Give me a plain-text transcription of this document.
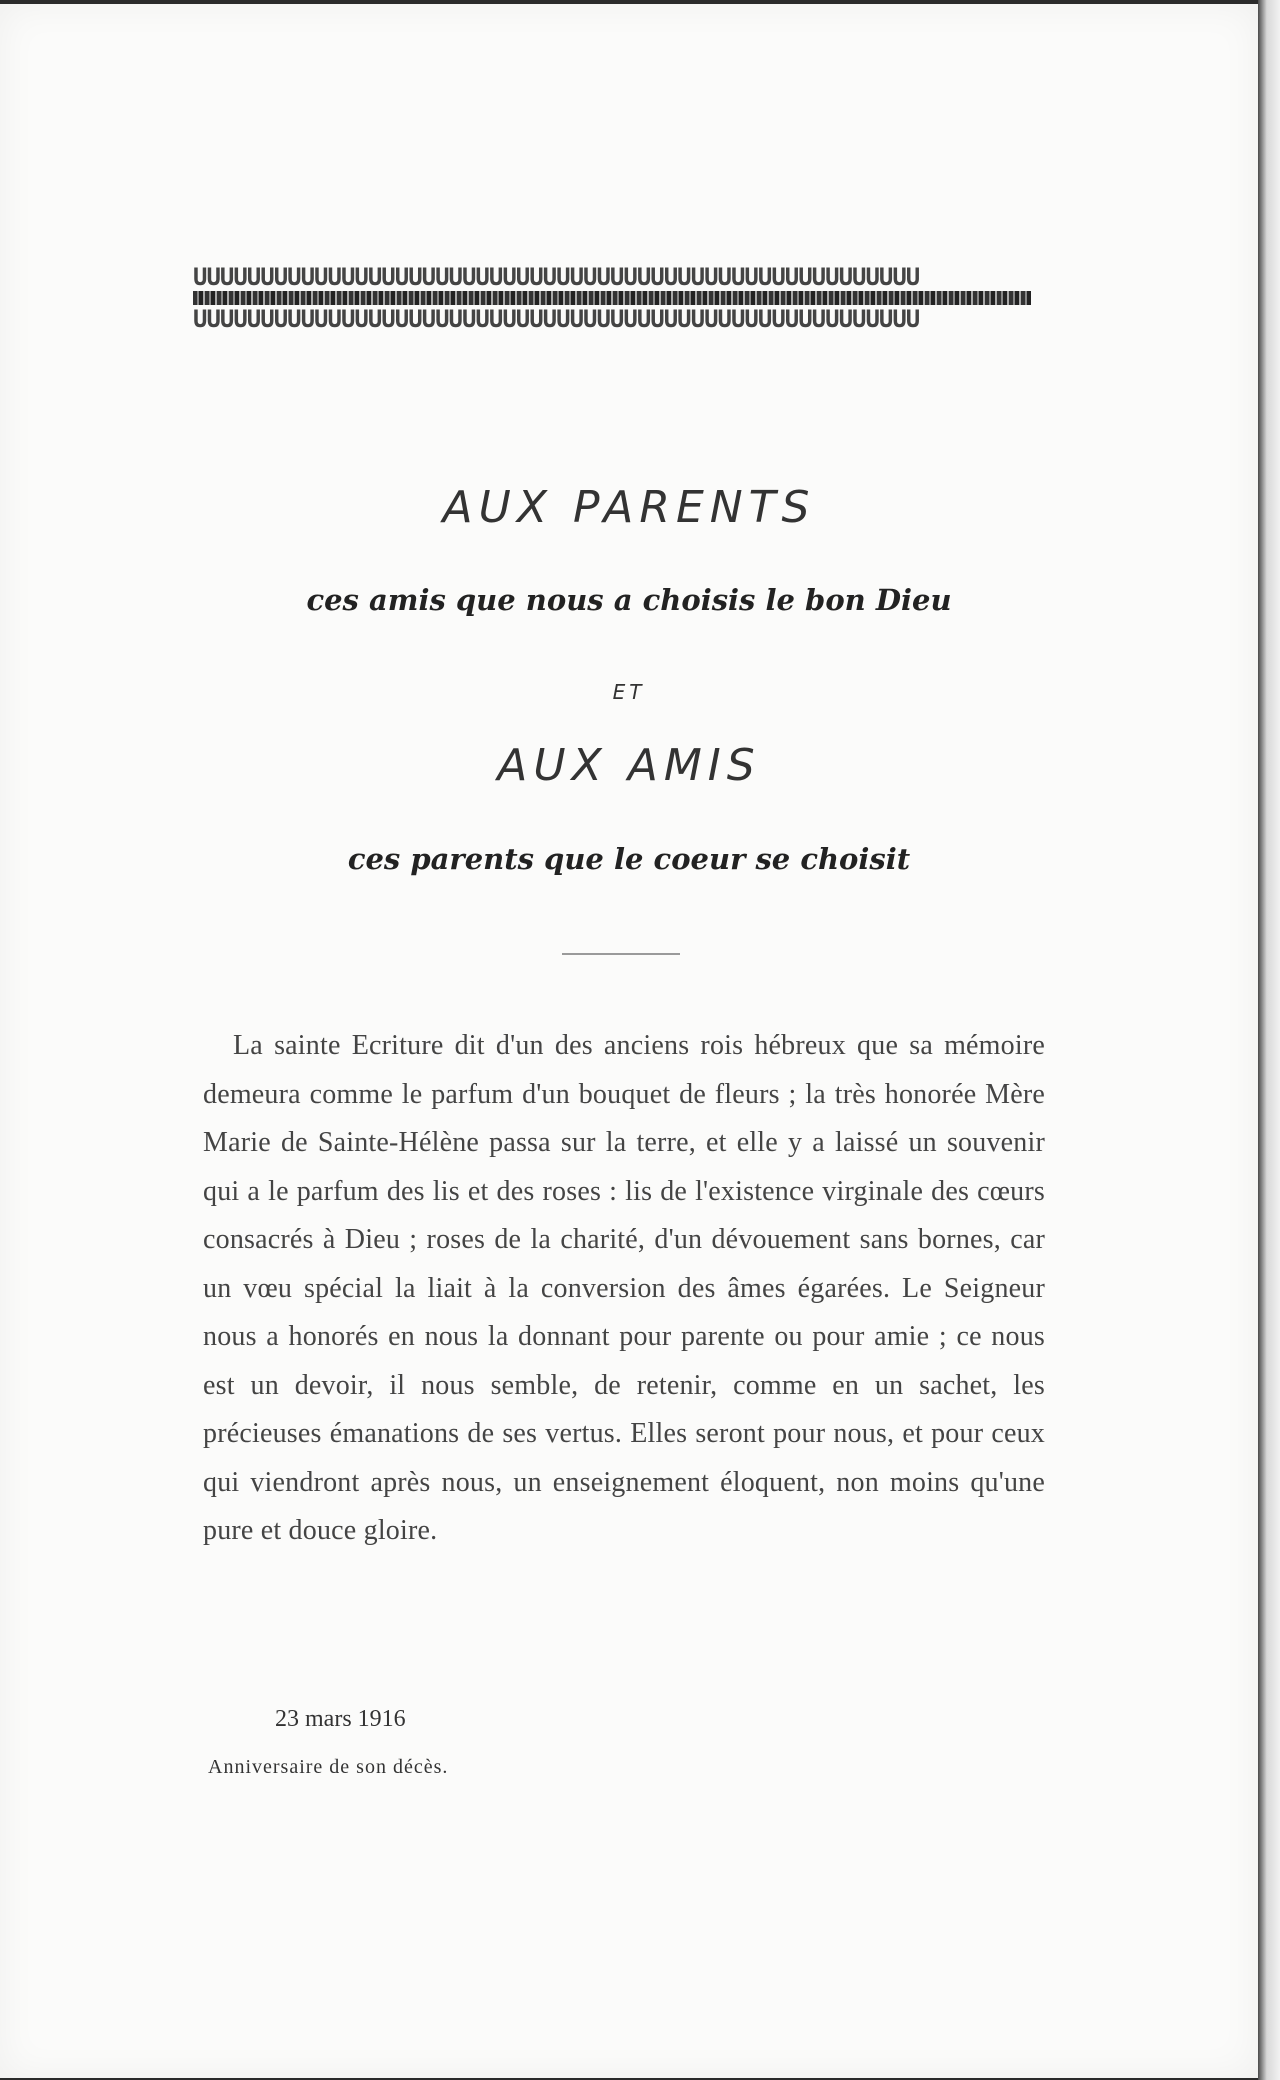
UUUUUUUUUUUUUUUUUUUUUUUUUUUUUUUUUUUUUUUUUUUUUUUUUUUUUU
UUUUUUUUUUUUUUUUUUUUUUUUUUUUUUUUUUUUUUUUUUUUUUUUUUUUUU
AUX PARENTS
ces amis que nous a choisis le bon Dieu
ET
AUX AMIS
ces parents que le coeur se choisit
La sainte Ecriture dit d'un des anciens rois hébreux que sa mémoire demeura comme le parfum d'un bouquet de fleurs ; la très honorée Mère Marie de Sainte-Hélène passa sur la terre, et elle y a laissé un souvenir qui a le parfum des lis et des roses : lis de l'existence virginale des cœurs consacrés à Dieu ; roses de la charité, d'un dévouement sans bornes, car un vœu spécial la liait à la conversion des âmes égarées. Le Seigneur nous a honorés en nous la donnant pour parente ou pour amie ; ce nous est un devoir, il nous semble, de retenir, comme en un sachet, les précieuses émanations de ses vertus. Elles seront pour nous, et pour ceux qui viendront après nous, un enseignement éloquent, non moins qu'une pure et douce gloire.
23 mars 1916
Anniversaire de son décès.
